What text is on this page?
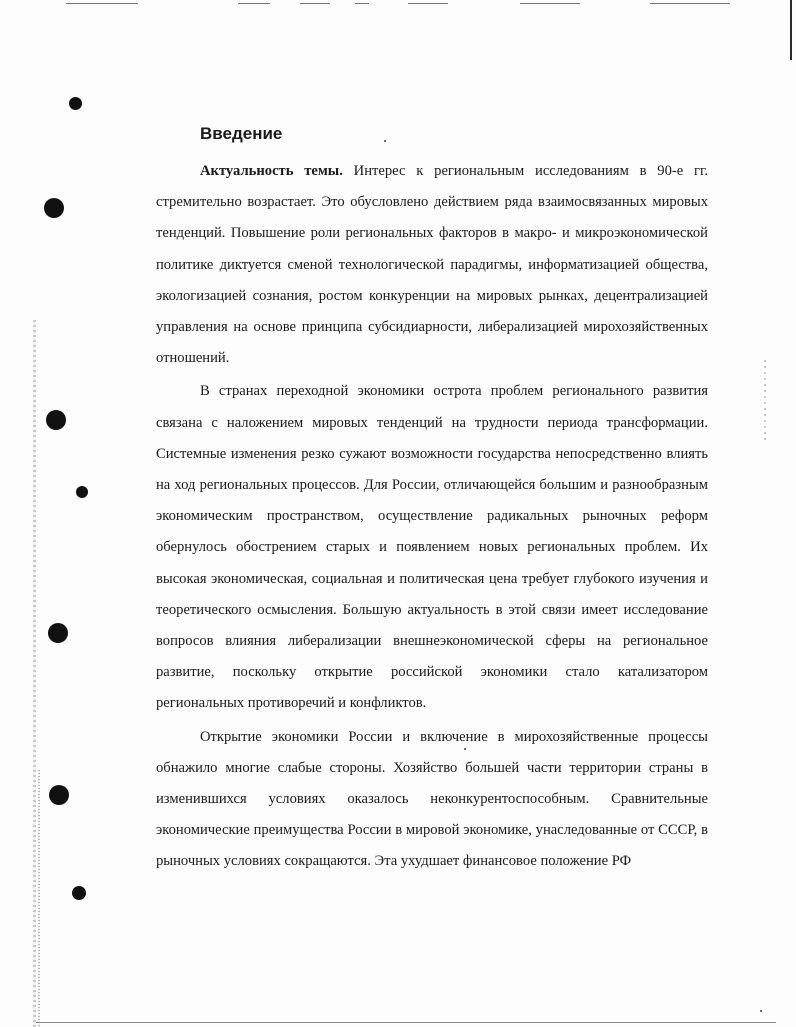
Введение

Актуальность темы. Интерес к региональным исследованиям в 90-е гг. стремительно возрастает. Это обусловлено действием ряда взаимосвязанных мировых тенденций. Повышение роли региональных факторов в макро- и микроэкономической политике диктуется сменой технологической парадигмы, информатизацией общества, экологизацией сознания, ростом конкуренции на мировых рынках, децентрализацией управления на основе принципа субсидиарности, либерализацией мирохозяйственных отношений.

В странах переходной экономики острота проблем регионального развития связана с наложением мировых тенденций на трудности периода трансформации. Системные изменения резко сужают возможности государства непосредственно влиять на ход региональных процессов. Для России, отличающейся большим и разнообразным экономическим пространством, осуществление радикальных рыночных реформ обернулось обострением старых и появлением новых региональных проблем. Их высокая экономическая, социальная и политическая цена требует глубокого изучения и теоретического осмысления. Большую актуальность в этой связи имеет исследование вопросов влияния либерализации внешнеэкономической сферы на региональное развитие, поскольку открытие российской экономики стало катализатором региональных противоречий и конфликтов.

Открытие экономики России и включение в мирохозяйственные процессы обнажило многие слабые стороны. Хозяйство большей части территории страны в изменившихся условиях оказалось неконкурентоспособным. Сравнительные экономические преимущества России в мировой экономике, унаследованные от СССР, в рыночных условиях сокращаются. Эта ухудшает финансовое положение РФ
